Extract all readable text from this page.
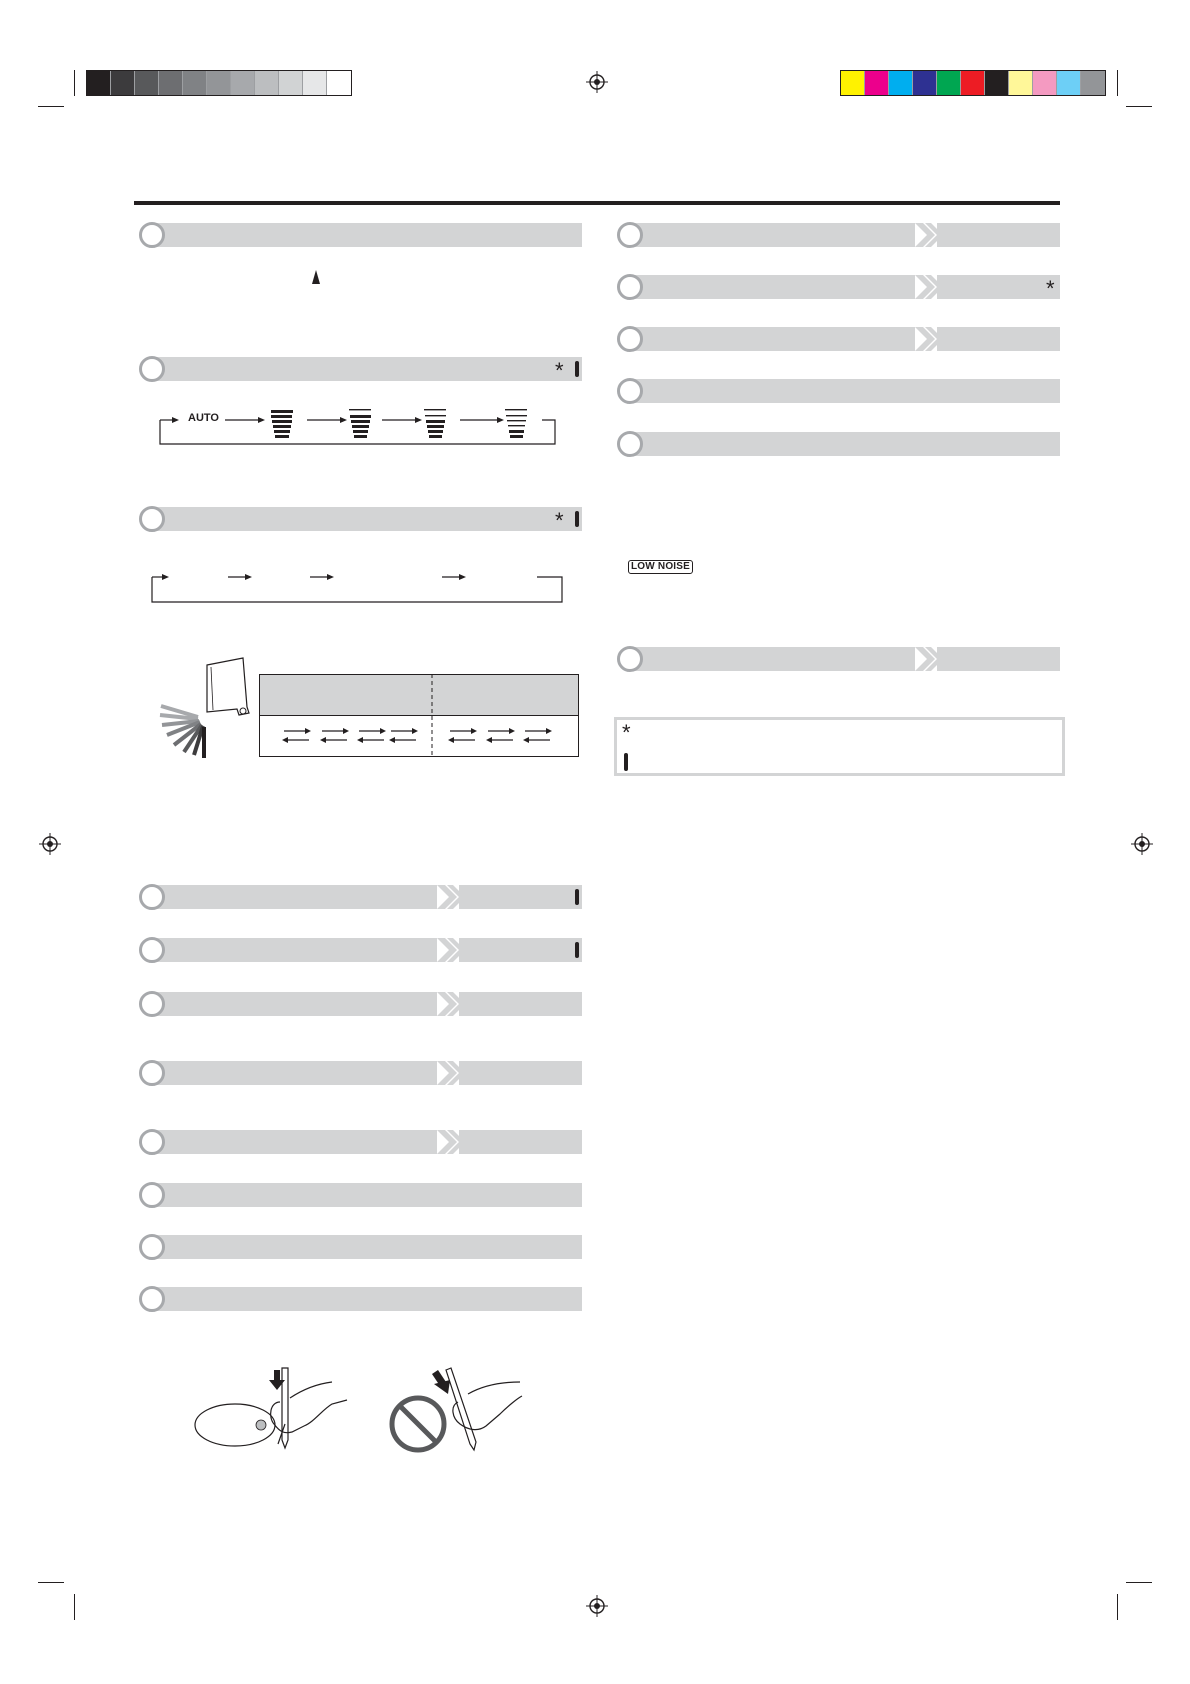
*
AUTO
*
LOW NOISE
*
*
